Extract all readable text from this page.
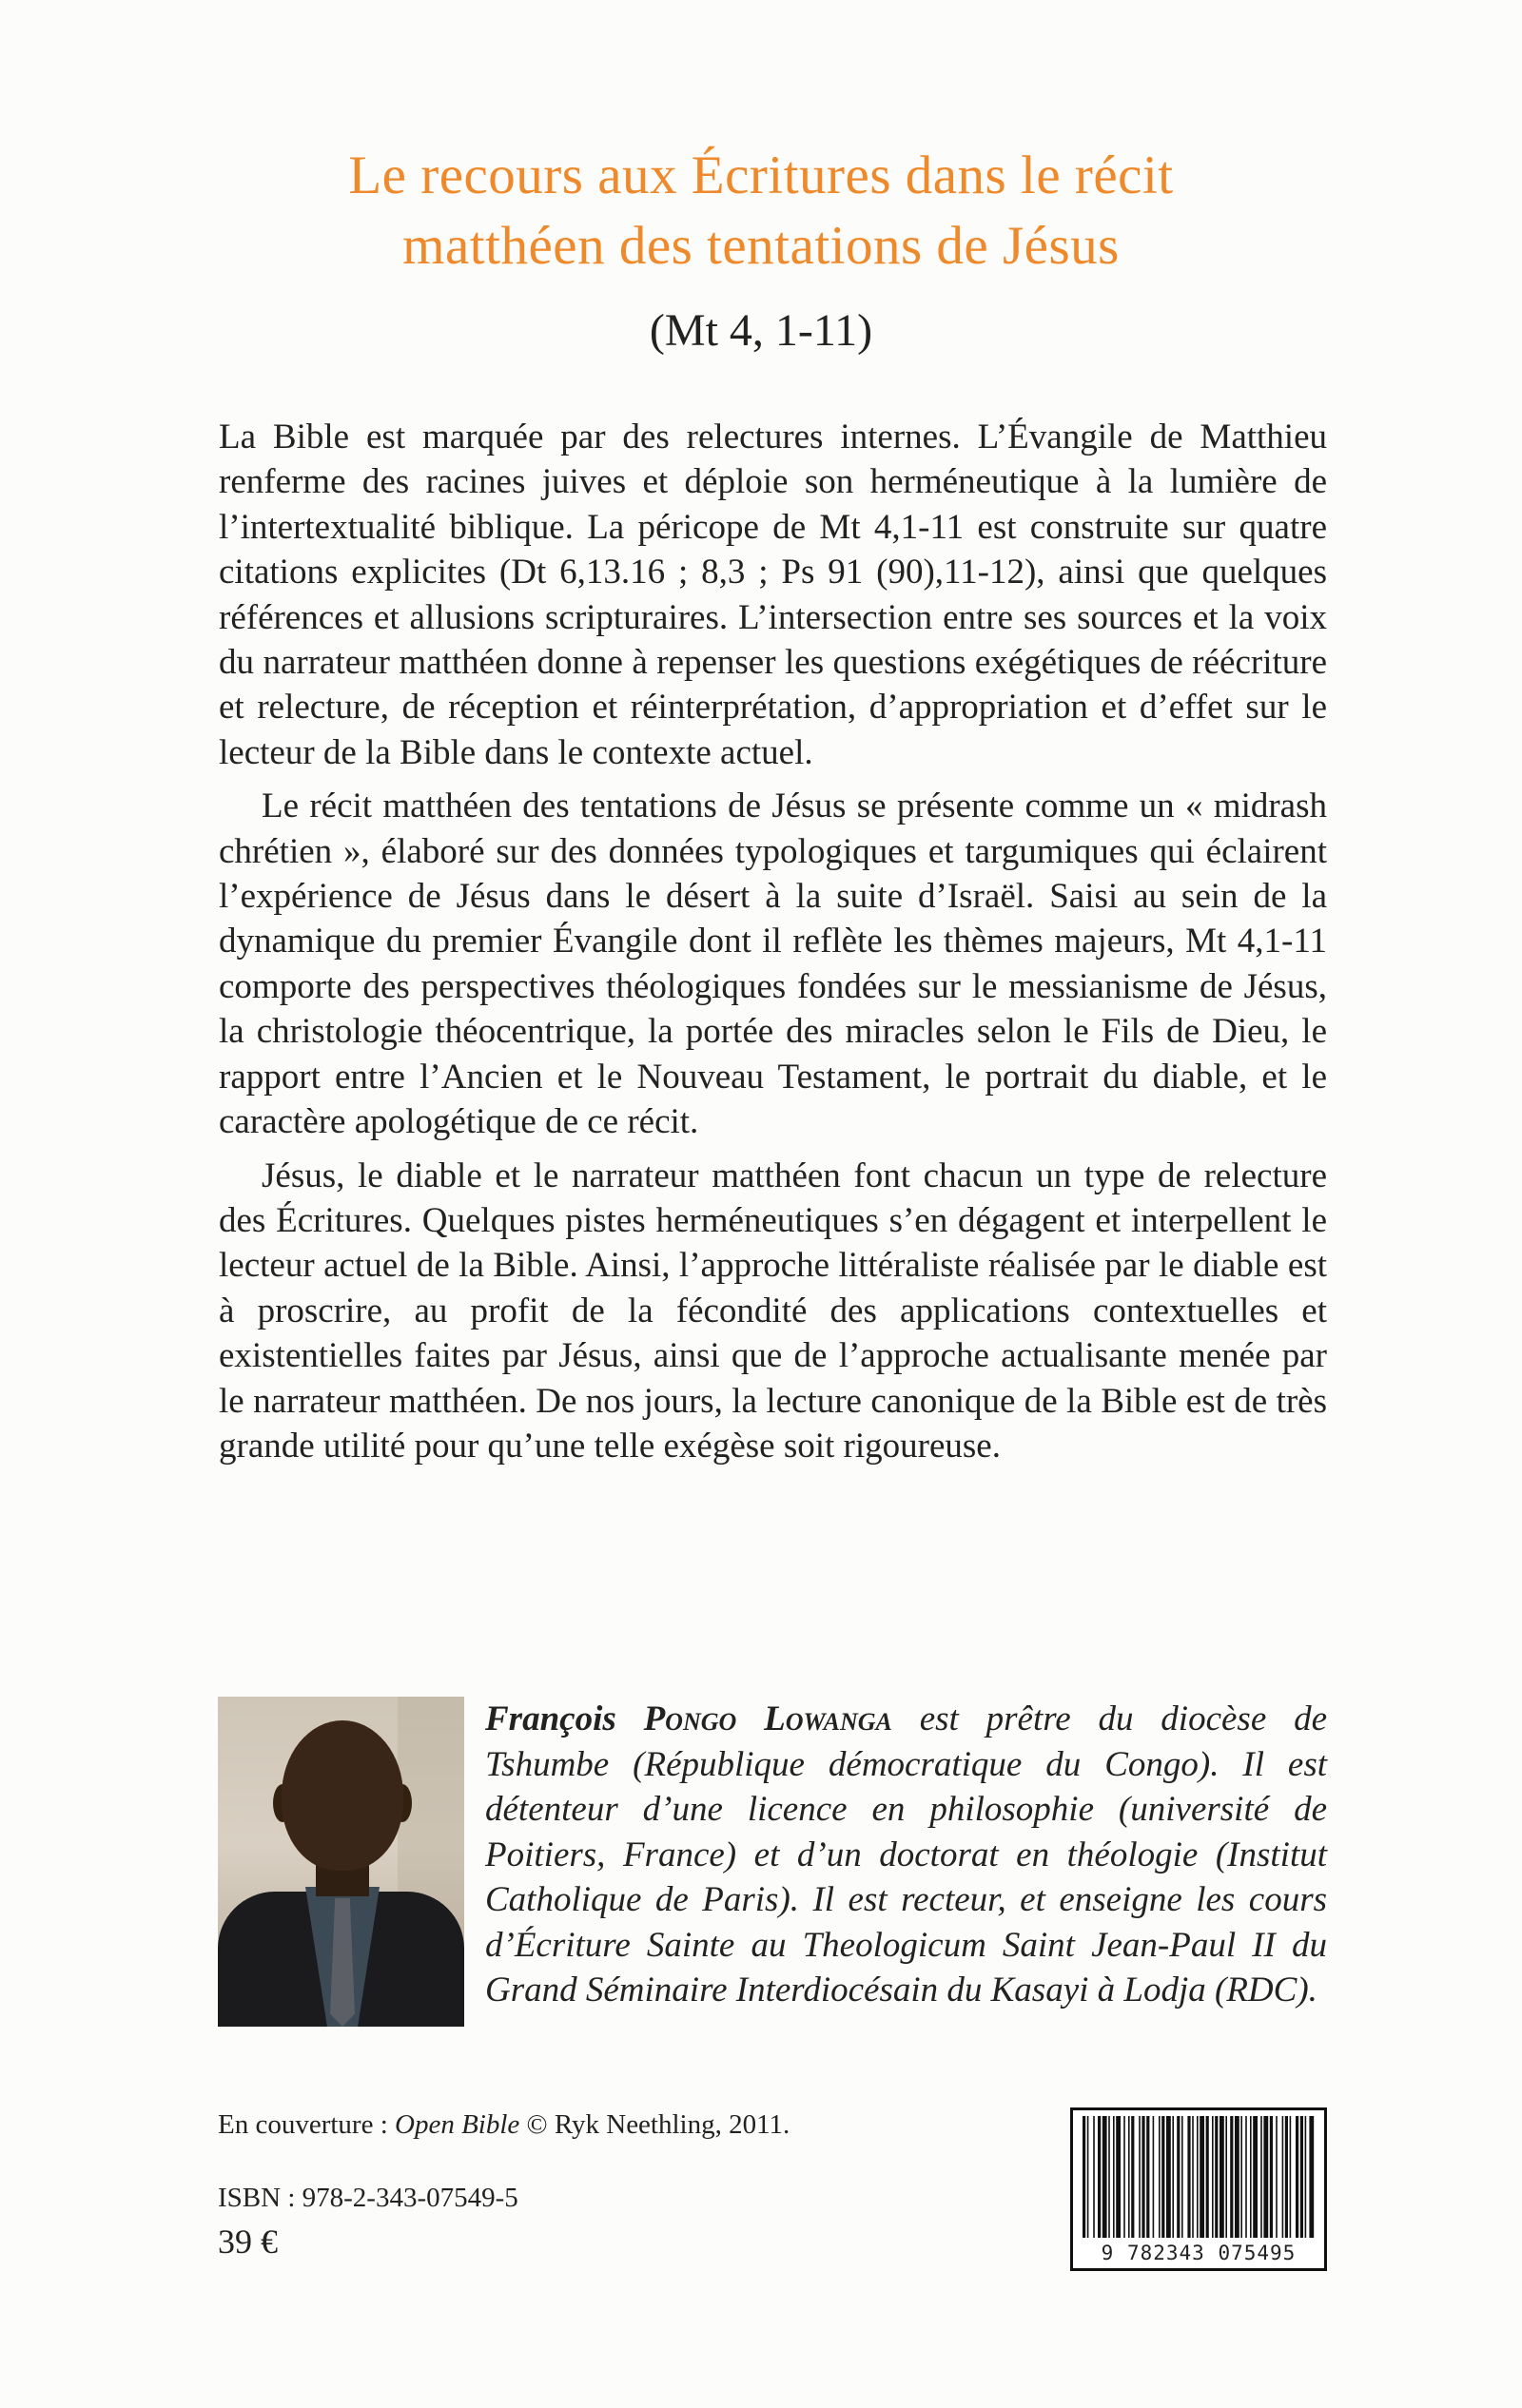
Le recours aux Écritures dans le récit
matthéen des tentations de Jésus
(Mt 4, 1-11)

La Bible est marquée par des relectures internes. L’Évangile de Matthieu renferme des racines juives et déploie son herméneutique à la lumière de l’intertextualité biblique. La péricope de Mt 4,1-11 est construite sur quatre citations explicites (Dt 6,13.16 ; 8,3 ; Ps 91 (90),11-12), ainsi que quelques références et allusions scripturaires. L’intersection entre ses sources et la voix du narrateur matthéen donne à repenser les questions exégétiques de réécriture et relecture, de réception et réinterprétation, d’appropriation et d’effet sur le lecteur de la Bible dans le contexte actuel.

Le récit matthéen des tentations de Jésus se présente comme un « midrash chrétien », élaboré sur des données typologiques et targumiques qui éclairent l’expérience de Jésus dans le désert à la suite d’Israël. Saisi au sein de la dynamique du premier Évangile dont il reflète les thèmes majeurs, Mt 4,1-11 comporte des perspectives théologiques fondées sur le messianisme de Jésus, la christologie théocentrique, la portée des miracles selon le Fils de Dieu, le rapport entre l’Ancien et le Nouveau Testament, le portrait du diable, et le caractère apologétique de ce récit.

Jésus, le diable et le narrateur matthéen font chacun un type de relecture des Écritures. Quelques pistes herméneutiques s’en dégagent et interpellent le lecteur actuel de la Bible. Ainsi, l’approche littéraliste réalisée par le diable est à proscrire, au profit de la fécondité des applications contextuelles et existentielles faites par Jésus, ainsi que de l’approche actualisante menée par le narrateur matthéen. De nos jours, la lecture canonique de la Bible est de très grande utilité pour qu’une telle exégèse soit rigoureuse.

François Pongo Lowanga est prêtre du diocèse de Tshumbe (République démocratique du Congo). Il est détenteur d’une licence en philosophie (université de Poitiers, France) et d’un doctorat en théologie (Institut Catholique de Paris). Il est recteur, et enseigne les cours d’Écriture Sainte au Theologicum Saint Jean-Paul II du Grand Séminaire Interdiocésain du Kasayi à Lodja (RDC).
En couverture : Open Bible © Ryk Neethling, 2011.
ISBN : 978-2-343-07549-5
39 €	9 782343 075495
